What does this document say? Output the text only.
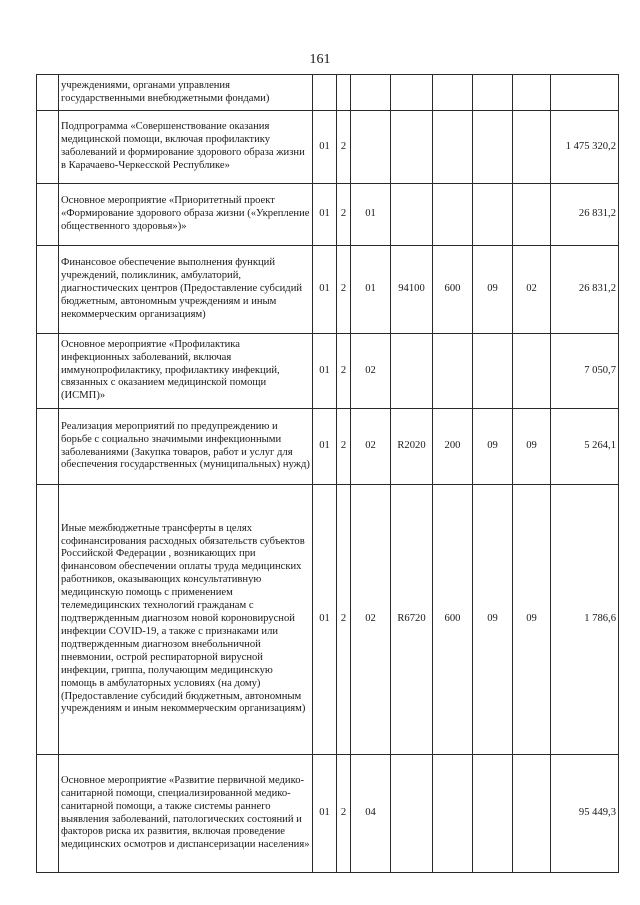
161
	учреждениями, органами управления государственными внебюджетными фондами)								
	Подпрограмма «Совершенствование оказания медицинской помощи, включая профилактику заболеваний и формирование здорового образа жизни в Карачаево-Черкесской Республике»	01	2						1 475 320,2
	Основное мероприятие «Приоритетный проект «Формирование здорового образа жизни («Укрепление общественного здоровья»)»	01	2	01					26 831,2
	Финансовое обеспечение выполнения функций учреждений, поликлиник, амбулаторий, диагностических центров (Предоставление субсидий бюджетным, автономным учреждениям и иным некоммерческим организациям)	01	2	01	94100	600	09	02	26 831,2
	Основное мероприятие «Профилактика инфекционных заболеваний, включая иммунопрофилактику, профилактику инфекций, связанных с оказанием медицинской помощи (ИСМП)»	01	2	02					7 050,7
	Реализация мероприятий по предупреждению и борьбе с социально значимыми инфекционными заболеваниями (Закупка товаров, работ и услуг для обеспечения государственных (муниципальных) нужд)	01	2	02	R2020	200	09	09	5 264,1
	Иные межбюджетные трансферты в целях софинансирования расходных обязательств субъектов Российской Федерации , возникающих при финансовом обеспечении оплаты труда медицинских работников, оказывающих консультативную медицинскую помощь с применением телемедицинских технологий гражданам с подтвержденным диагнозом новой короновирусной инфекции COVID-19, а также с признаками или подтвержденным диагнозом внебольничной пневмонии, острой респираторной вирусной инфекции, гриппа, получающим медицинскую помощь в амбулаторных условиях (на дому) (Предоставление субсидий бюджетным, автономным учреждениям и иным некоммерческим организациям)	01	2	02	R6720	600	09	09	1 786,6
	Основное мероприятие «Развитие первичной медико-санитарной помощи, специализированной медико-санитарной помощи, а также системы раннего выявления заболеваний, патологических состояний и факторов риска их развития, включая проведение медицинских осмотров и диспансеризации населения»	01	2	04					95 449,3
